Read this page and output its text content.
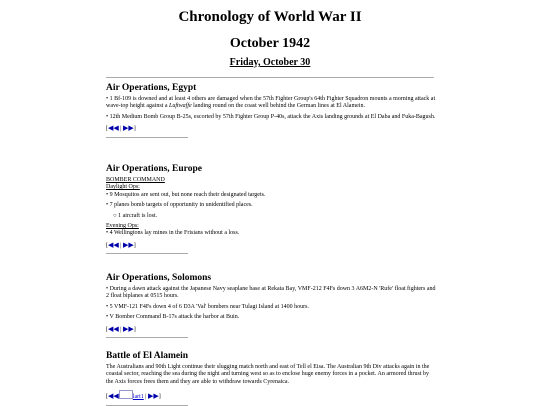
Chronology of World War II
October 1942
Friday, October 30
Air Operations, Egypt

• 1 Bf-109 is downed and at least 4 others are damaged when the 57th Fighter Group's 64th Fighter Squadron mounts a morning attack at wave-top height against a Luftwaffe landing round on the coast well behind the German lines at El Alamein.

• 12th Medium Bomb Group B-25s, escorted by 57th Fighter Group P-40s, attack the Axis landing grounds at El Daba and Fuka-Bagush.

[◀◀ | ▶▶]
Air Operations, Europe
BOMBER COMMAND
Daylight Ops:

• 9 Mosquitos are sent out, but none reach their designated targets.

• 7 planes bomb targets of opportunity in unidentified places.

○ 1 aircraft is lost.

Evening Ops:

• 4 Wellingtons lay mines in the Frisians without a loss.

[◀◀ | ▶▶]
Air Operations, Solomons

• During a dawn attack against the Japanese Navy seaplane base at Rekata Bay, VMF-212 F4Fs down 3 A6M2-N 'Rufe' float fighters and 2 float biplanes at 0515 hours.

• 5 VMF-121 F4Fs down 4 of 6 D3A 'Val' bombers near Tulagi Island at 1400 hours.

• V Bomber Command B-17s attack the harbor at Buin.

[◀◀ | ▶▶]
Battle of El Alamein

The Australians and 90th Light continue their slugging match north and east of Tell el Eisa. The Australian 9th Div attacks again in the coastal sector, reaching the sea during the night and turning west so as to enclose huge enemy forces in a pocket. An armored thrust by the Axis forces frees them and they are able to withdraw towards Cyrenaica.

[◀◀ lart1 | ▶▶]
